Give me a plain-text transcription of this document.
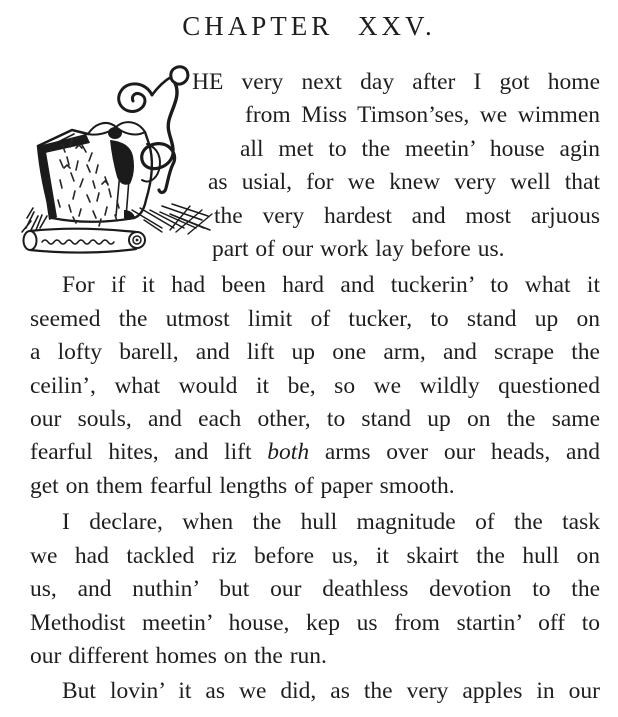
CHAPTER XXV.
HE very next day after I got home
from Miss Timson’ses, we wimmen
all met to the meetin’ house agin
as usial, for we knew very well that
the very hardest and most arjuous
part of our work lay before us.
For if it had been hard and tuckerin’ to what it
seemed the utmost limit of tucker, to stand up on
a lofty barell, and lift up one arm, and scrape the
ceilin’, what would it be, so we wildly questioned
our souls, and each other, to stand up on the same
fearful hites, and lift both arms over our heads, and
get on them fearful lengths of paper smooth.
I declare, when the hull magnitude of the task
we had tackled riz before us, it skairt the hull on
us, and nuthin’ but our deathless devotion to the
Methodist meetin’ house, kep us from startin’ off to
our different homes on the run.
But lovin’ it as we did, as the very apples in our
